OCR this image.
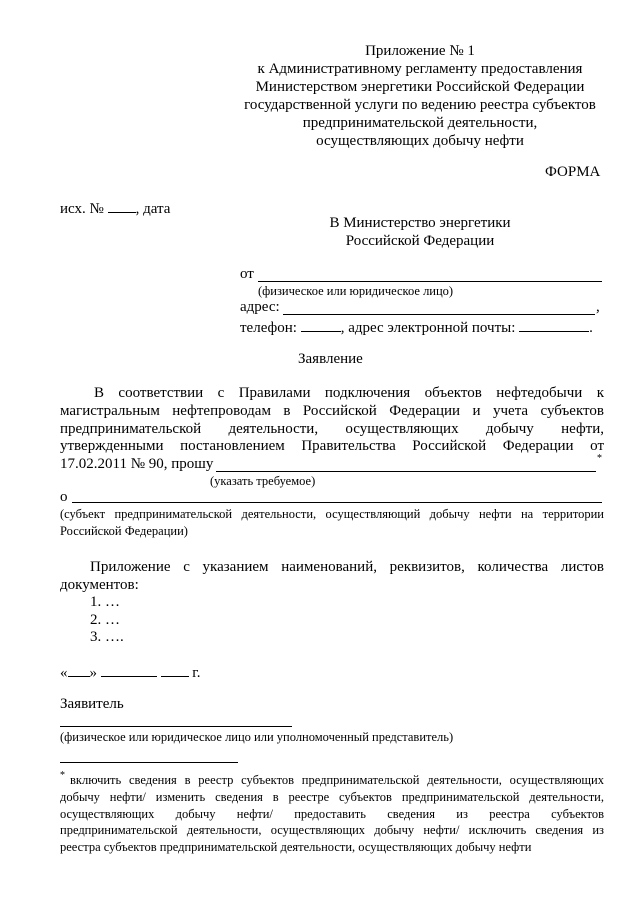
Приложение № 1
к Административному регламенту предоставления
Министерством энергетики Российской Федерации
государственной услуги по ведению реестра субъектов
предпринимательской деятельности,
осуществляющих добычу нефти
ФОРМА
исх. № , дата
В Министерство энергетики
Российской Федерации
от
(физическое или юридическое лицо)
адрес:	,
телефон:	, адрес электронной почты:	.
Заявление
В соответствии с Правилами подключения объектов нефтедобычи к
магистральным нефтепроводам в Российской Федерации и учета субъектов
предпринимательской деятельности, осуществляющих добычу нефти,
утвержденными постановлением Правительства Российской Федерации от
17.02.2011 № 90, прошу	*
(указать требуемое)
о
(субъект предпринимательской деятельности, осуществляющий добычу нефти на территории
Российской Федерации)
Приложение с указанием наименований, реквизитов, количества листов
документов:
1. …
2. …
3. ….
« »	г.
Заявитель
(физическое или юридическое лицо или уполномоченный представитель)
* включить сведения в реестр субъектов предпринимательской деятельности, осуществляющих
добычу нефти/ изменить сведения в реестре субъектов предпринимательской деятельности,
осуществляющих добычу нефти/ предоставить сведения из реестра субъектов
предпринимательской деятельности, осуществляющих добычу нефти/ исключить сведения из
реестра субъектов предпринимательской деятельности, осуществляющих добычу нефти
